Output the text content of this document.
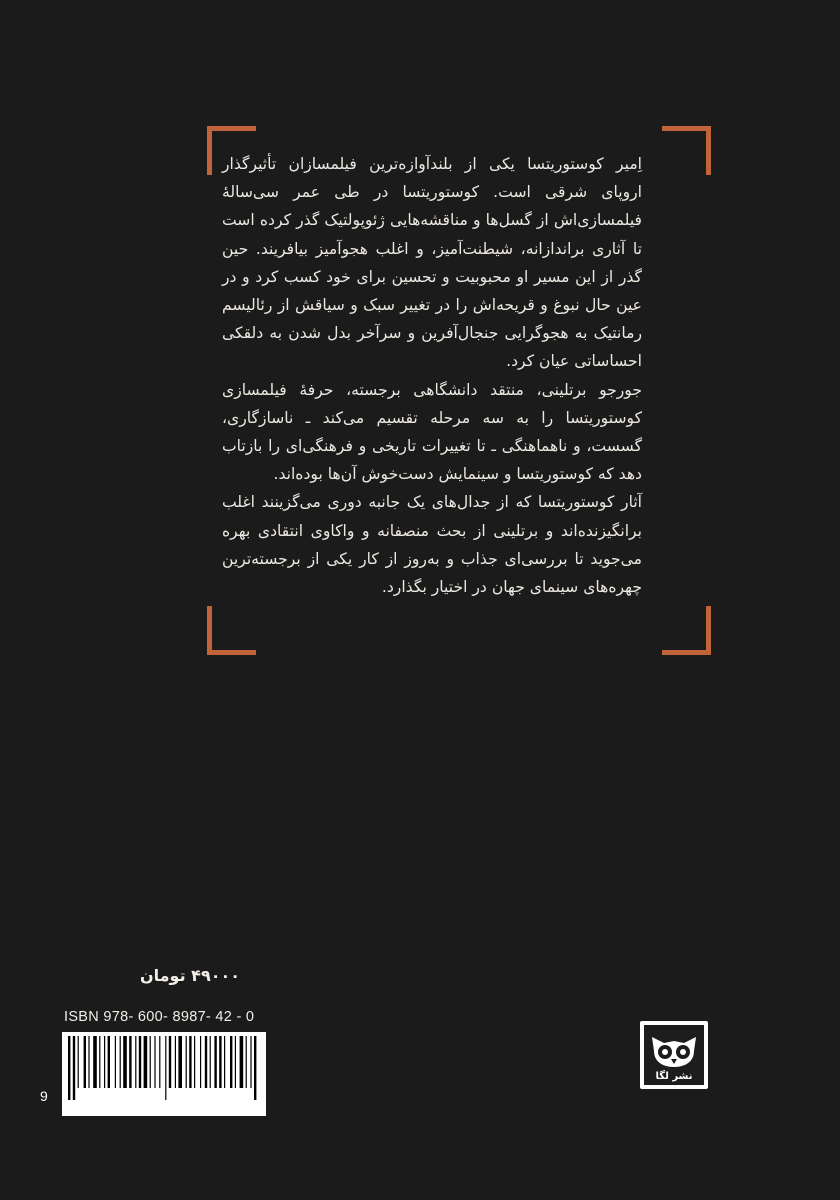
اِمیر کوستوریتسا یکی از بلندآوازه‌ترین فیلمسازان تأثیرگذار اروپای شرقی است. کوستوریتسا در طی عمر سی‌سالهٔ فیلمسازی‌اش از گسل‌ها و مناقشه‌هایی ژئوپولتیک گذر کرده است تا آثاری براندازانه، شیطنت‌آمیز، و اغلب هجوآمیز بیافریند. حین گذر از این مسیر او محبوبیت و تحسین برای خود کسب کرد و در عین حال نبوغ و قریحه‌اش را در تغییر سبک و سیاقش از رئالیسم رمانتیک به هجوگرایی جنجال‌آفرین و سرآخر بدل شدن به دلقکی احساساتی عیان کرد.

جورجو برتلینی، منتقد دانشگاهی برجسته، حرفهٔ فیلمسازی کوستوریتسا را به سه مرحله تقسیم می‌کند ـ ناسازگاری، گسست، و ناهماهنگی ـ تا تغییرات تاریخی و فرهنگی‌ای را بازتاب دهد که کوستوریتسا و سینمایش دست‌خوش آن‌ها بوده‌اند.

آثار کوستوریتسا که از جدال‌های یک جانبه دوری می‌گزینند اغلب برانگیزنده‌اند و برتلینی از بحث منصفانه و واکاوی انتقادی بهره می‌جوید تا بررسی‌ای جذاب و به‌روز از کار یکی از برجسته‌ترین چهره‌های سینمای جهان در اختیار بگذارد.

۴۹۰۰۰ تومان
ISBN 978- 600- 8987- 42 - 0
9 786008	987420
نشر لگا
